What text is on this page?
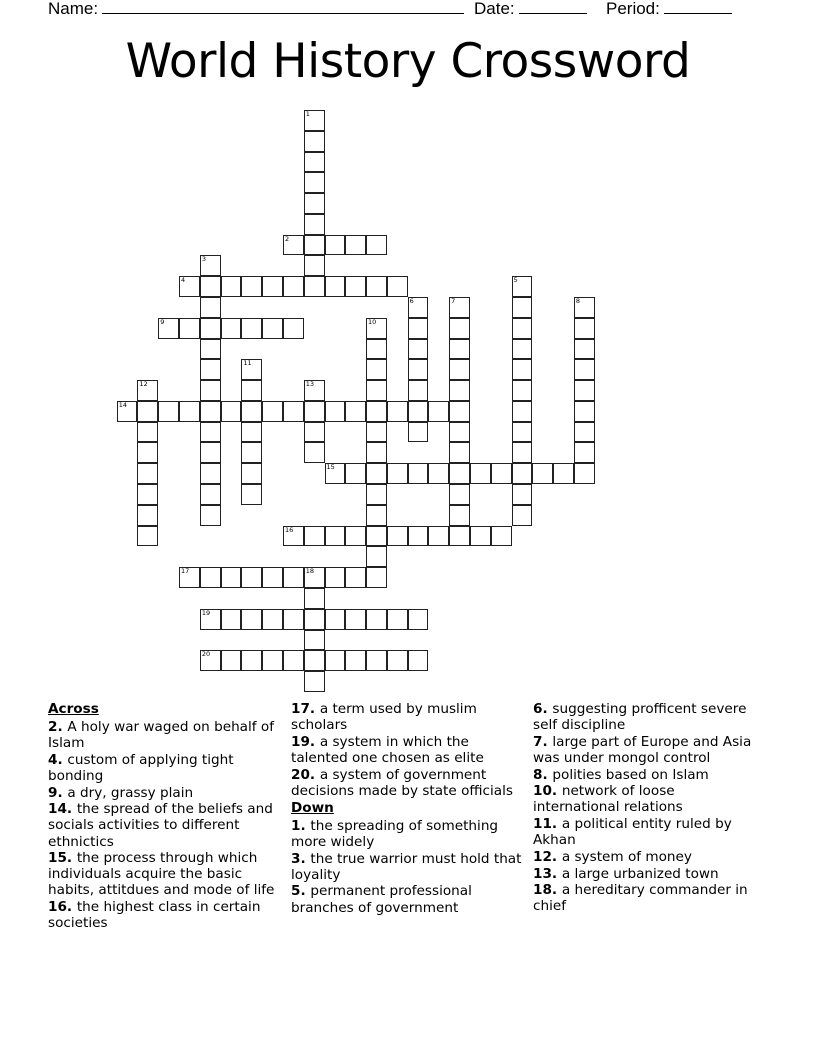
Name:	Date:	Period:
World History Crossword
1
2
3
4	5
6	7	8
9	10
11
12	13
14
15
16
17	18
19
20
Across
2. A holy war waged on behalf of Islam
4. custom of applying tight bonding
9. a dry, grassy plain
14. the spread of the beliefs and socials activities to different ethnictics
15. the process through which individuals acquire the basic habits, attitdues and mode of life
16. the highest class in certain societies
17. a term used by muslim scholars
19. a system in which the talented one chosen as elite
20. a system of government decisions made by state officials
Down
1. the spreading of something more widely
3. the true warrior must hold that loyality
5. permanent professional branches of government
6. suggesting profficent severe self discipline
7. large part of Europe and Asia was under mongol control
8. polities based on Islam
10. network of loose international relations
11. a political entity ruled by Akhan
12. a system of money
13. a large urbanized town
18. a hereditary commander in chief
